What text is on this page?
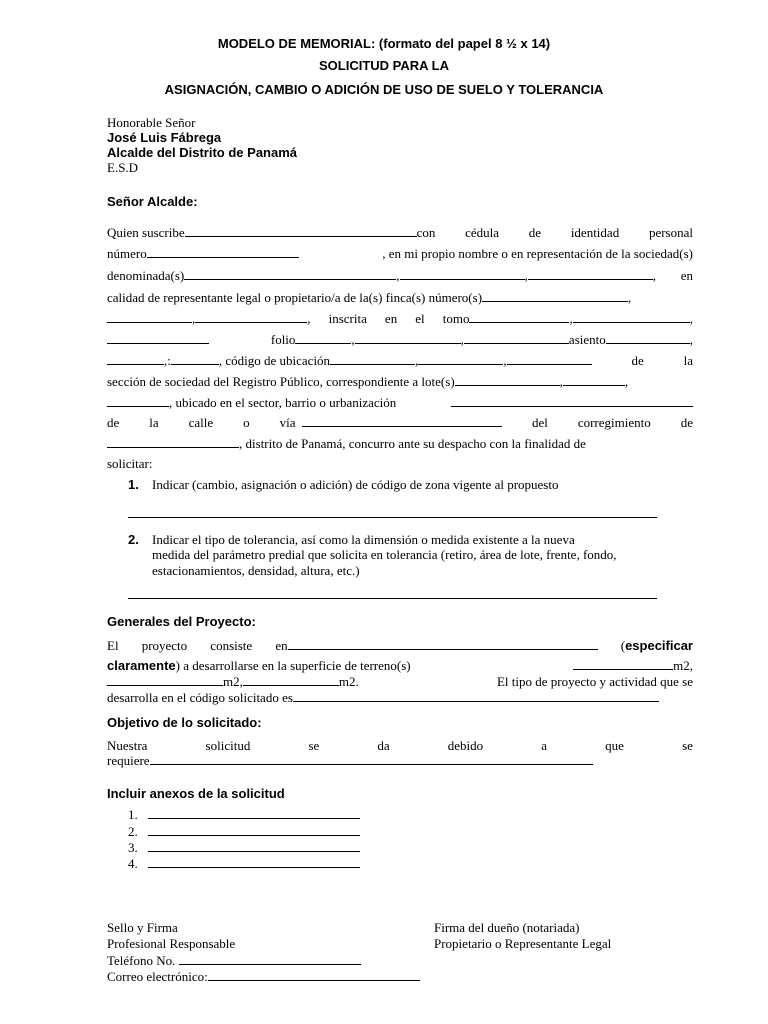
MODELO DE MEMORIAL: (formato del papel 8 ½ x 14)
SOLICITUD PARA LA
ASIGNACIÓN, CAMBIO O ADICIÓN DE USO DE SUELO Y TOLERANCIA
Honorable Señor
José Luis Fábrega
Alcalde del Distrito de Panamá
E.S.D
Señor Alcalde:
Quien suscribe	con cédula de identidad personal
número	, en mi propio nombre o en representación de la sociedad(s)
denominada(s)	,	,	, en
calidad de representante legal o propietario/a de la(s) finca(s) número(s)	,
,	, inscrita en el tomo	,	,
folio	,	,	asiento	,
,:	, código de ubicación	,	,	de	la
sección de sociedad del Registro Público, correspondiente a lote(s)	,	,
, ubicado en el sector, barrio o urbanización
de la calle o vía	del corregimiento de
, distrito de Panamá, concurro ante su despacho con la finalidad de
solicitar:
1. Indicar (cambio, asignación o adición) de código de zona vigente al propuesto
2. Indicar el tipo de tolerancia, así como la dimensión o medida existente a la nueva
medida del parámetro predial que solicita en tolerancia (retiro, área de lote, frente, fondo,
estacionamientos, densidad, altura, etc.)
Generales del Proyecto:
El proyecto consiste en	(especificar
claramente) a desarrollarse en la superficie de terreno(s)	m2,
m2,	m2.	El tipo de proyecto y actividad que se
desarrolla en el código solicitado es
Objetivo de lo solicitado:
Nuestra	solicitud	se	da	debido	a	que	se
requiere
Incluir anexos de la solicitud
1.
2.
3.
4.
Sello y Firma
Profesional Responsable
Teléfono No.
Correo electrónico:
Firma del dueño (notariada)
Propietario o Representante Legal
